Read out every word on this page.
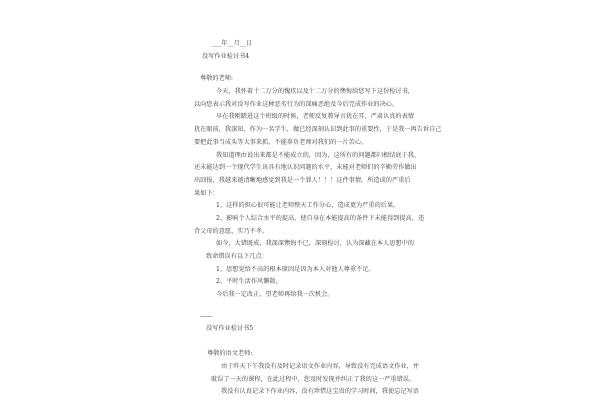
___年__月__日
没写作业检讨书4
尊敬的老师:
今天，我怀着十二万分的愧疚以及十二万分的懊悔给您写下这份检讨书，
以向您表示我对没写作业这种恶劣行为的深痛恶绝及今后完成作业的决心。
早在我刚踏进这个班级的时候，老师反复教导言犹在耳，严肃认真的表情
犹在眼前，我深知，作为一名学生，做已经深刻认识到此事的重要性，于是我一再告诉自己
要把此事当成头等大事来抓，不能辜负老师对我们的一片苦心。
我知道理由说出来都是不能成立的，因为，这所有的问题都归根结底于我，
还未能达到一个现代学生该具有地认识问题的水平，未能对老师们的辛勤劳作做出
出回报，我越来越清晰地感觉到我是一个罪人！！！这件事情，所造成的严重后
果如下：
1、这样的担心很可能让老师整天工作分心，造成更为严重的后果。
2、影响个人综合水平的提高，使自身在本能提高的条件下未能得到提高，违
背父母的意愿，实乃不孝。
如今，大错既成，我深深懊悔不已，深刻检讨，认为深藏在本人思想中的
致命错误有以下几点：
1、思想觉悟不高的根本原因是因为本人对他人尊重不足。
2、平时生活作风懒散。
今后我一定改正，望老师再给我一次机会。
——
没写作业检讨书5
尊敬的语文老师:
由于昨天下午我没有及时记录语文作业内容，导致没有完成语文作业，并
耽误了一天的课程，在此过程中，您及时发现并纠正了我的这一严重错误。
我没有认真记录下作业内容，没有珍惜这宝贵的学习时间，我使忘记写语
